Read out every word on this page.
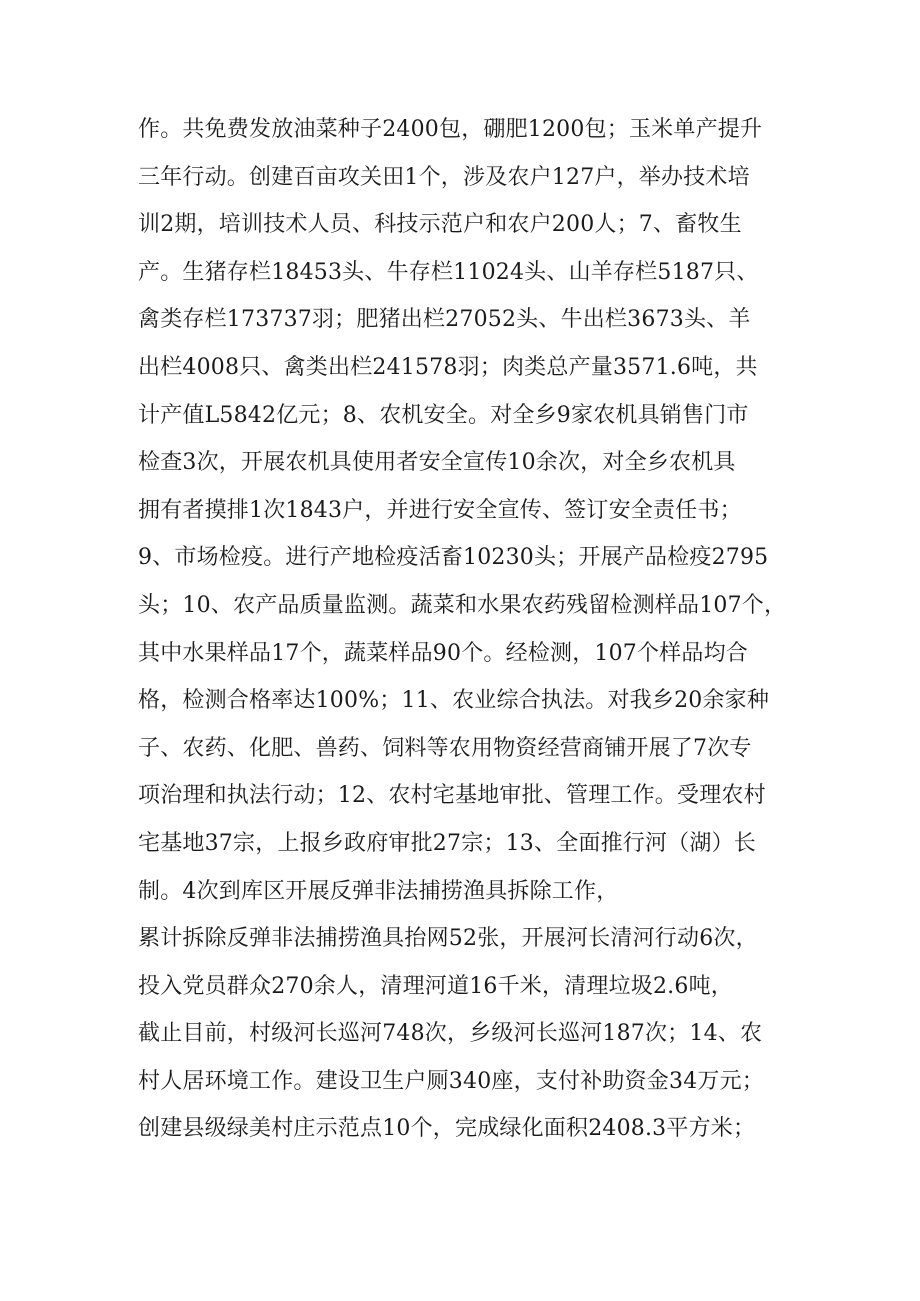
作。共免费发放油菜种子2400包，硼肥1200包；玉米单产提升
三年行动。创建百亩攻关田1个，涉及农户127户，举办技术培
训2期，培训技术人员、科技示范户和农户200人；7、畜牧生
产。生猪存栏18453头、牛存栏11024头、山羊存栏5187只、
禽类存栏173737羽；肥猪出栏27052头、牛出栏3673头、羊
出栏4008只、禽类出栏241578羽；肉类总产量3571.6吨，共
计产值L5842亿元；8、农机安全。对全乡9家农机具销售门市
检查3次，开展农机具使用者安全宣传10余次，对全乡农机具
拥有者摸排1次1843户，并进行安全宣传、签订安全责任书；
9、市场检疫。进行产地检疫活畜10230头；开展产品检疫2795
头；10、农产品质量监测。蔬菜和水果农药残留检测样品107个，
其中水果样品17个，蔬菜样品90个。经检测，107个样品均合
格，检测合格率达100%；11、农业综合执法。对我乡20余家种
子、农药、化肥、兽药、饲料等农用物资经营商铺开展了7次专
项治理和执法行动；12、农村宅基地审批、管理工作。受理农村
宅基地37宗，上报乡政府审批27宗；13、全面推行河（湖）长
制。4次到库区开展反弹非法捕捞渔具拆除工作，
累计拆除反弹非法捕捞渔具抬网52张，开展河长清河行动6次，
投入党员群众270余人，清理河道16千米，清理垃圾2.6吨，
截止目前，村级河长巡河748次，乡级河长巡河187次；14、农
村人居环境工作。建设卫生户厕340座，支付补助资金34万元；
创建县级绿美村庄示范点10个，完成绿化面积2408.3平方米；
